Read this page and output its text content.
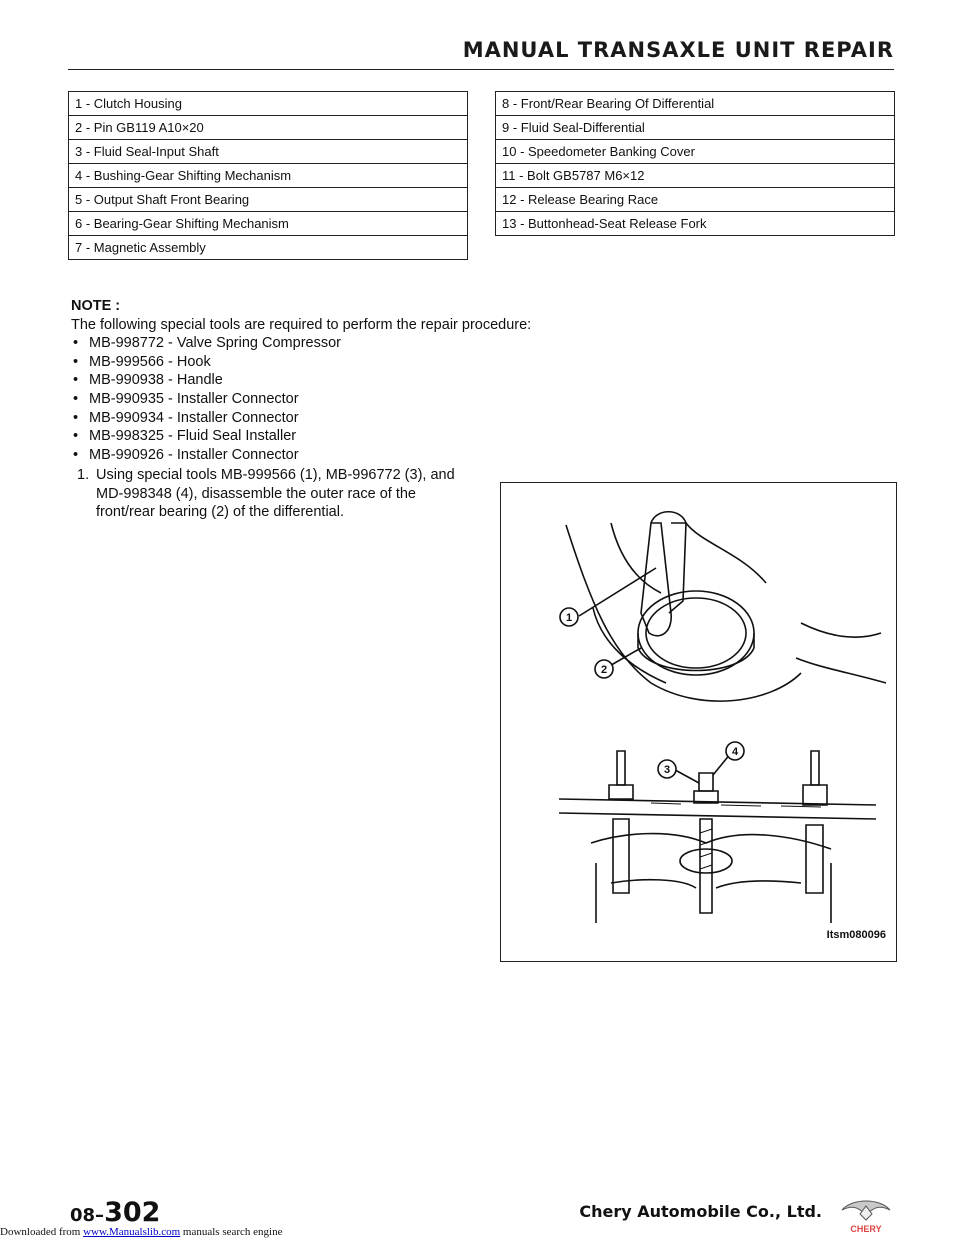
MANUAL TRANSAXLE UNIT REPAIR
1 - Clutch Housing
2 - Pin GB119 A10×20
3 - Fluid Seal-Input Shaft
4 - Bushing-Gear Shifting Mechanism
5 - Output Shaft Front Bearing
6 - Bearing-Gear Shifting Mechanism
7 - Magnetic Assembly
8 - Front/Rear Bearing Of Differential
9 - Fluid Seal-Differential
10 - Speedometer Banking Cover
11 - Bolt GB5787 M6×12
12 - Release Bearing Race
13 - Buttonhead-Seat Release Fork
NOTE :
The following special tools are required to perform the repair procedure:
• MB-998772 - Valve Spring Compressor
• MB-999566 - Hook
• MB-990938 - Handle
• MB-990935 - Installer Connector
• MB-990934 - Installer Connector
• MB-998325 - Fluid Seal Installer
• MB-990926 - Installer Connector
1. Using special tools MB-999566 (1), MB-996772 (3), and MD-998348 (4), disassemble the outer race of the front/rear bearing (2) of the differential.
1
2
3
4
Itsm080096
08–302	Chery Automobile Co., Ltd.
CHERY
Downloaded from www.Manualslib.com manuals search engine
